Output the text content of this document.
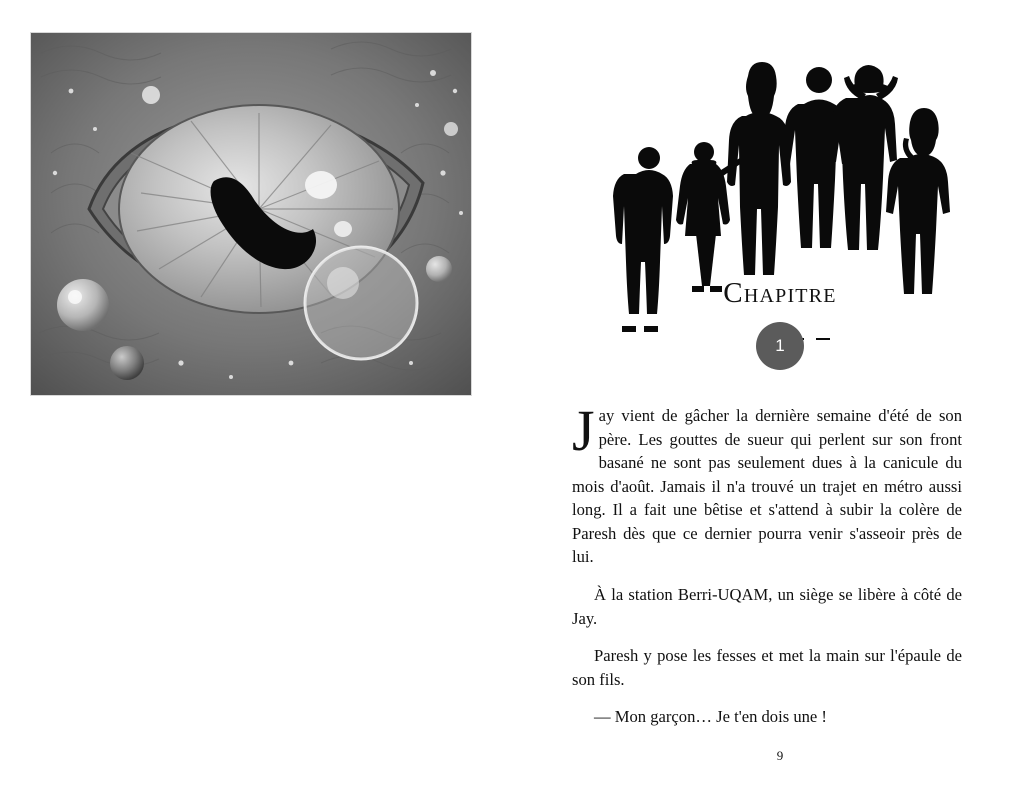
Chapitre
1

Jay vient de gâcher la dernière semaine d'été de son père. Les gouttes de sueur qui perlent sur son front basané ne sont pas seulement dues à la canicule du mois d'août. Jamais il n'a trouvé un trajet en métro aussi long. Il a fait une bêtise et s'attend à subir la colère de Paresh dès que ce dernier pourra venir s'asseoir près de lui.

À la station Berri-UQAM, un siège se libère à côté de Jay.

Paresh y pose les fesses et met la main sur l'épaule de son fils.

— Mon garçon… Je t'en dois une !

9
